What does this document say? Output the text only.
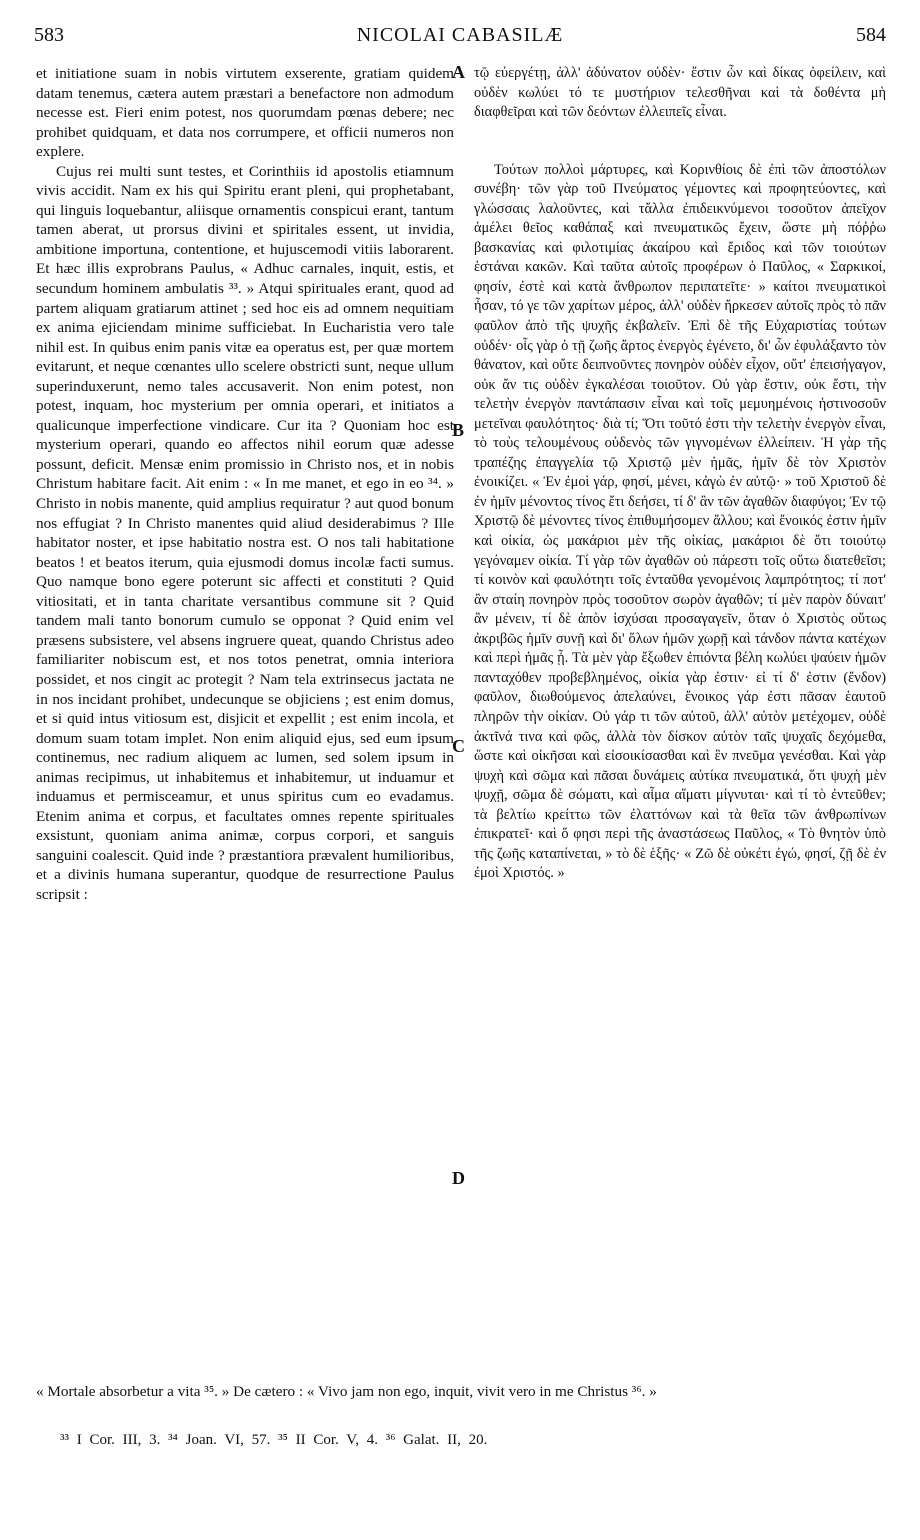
583	NICOLAI CABASILÆ	584

et initiatione suam in nobis virtutem exserente, gratiam quidem datam tenemus, cætera autem præstari a benefactore non admodum necesse est. Fieri enim potest, nos quorumdam pœnas debere; nec prohibet quidquam, et data nos corrumpere, et officii numeros non explere.

Cujus rei multi sunt testes, et Corinthiis id apostolis etiamnum vivis accidit. Nam ex his qui Spiritu erant pleni, qui prophetabant, qui linguis loquebantur, aliisque ornamentis conspicui erant, tantum tamen aberat, ut prorsus divini et spiritales essent, ut invidia, ambitione importuna, contentione, et hujuscemodi vitiis laborarent. Et hæc illis exprobrans Paulus, « Adhuc carnales, inquit, estis, et secundum hominem ambulatis ³³. » Atqui spirituales erant, quod ad partem aliquam gratiarum attinet ; sed hoc eis ad omnem nequitiam ex anima ejiciendam minime sufficiebat. In Eucharistia vero tale nihil est. In quibus enim panis vitæ ea operatus est, per quæ mortem evitarunt, et neque cœnantes ullo scelere obstricti sunt, neque ullum superinduxerunt, nemo tales accusaverit. Non enim potest, non potest, inquam, hoc mysterium per omnia operari, et initiatos a qualicunque imperfectione vindicare. Cur ita ? Quoniam hoc est mysterium operari, quando eo affectos nihil eorum quæ adesse possunt, deficit. Mensæ enim promissio in Christo nos, et in nobis Christum habitare facit. Ait enim : « In me manet, et ego in eo ³⁴. » Christo in nobis manente, quid amplius requiratur ? aut quod bonum nos effugiat ? In Christo manentes quid aliud desiderabimus ? Ille habitator noster, et ipse habitatio nostra est. O nos tali habitatione beatos ! et beatos iterum, quia ejusmodi domus incolæ facti sumus. Quo namque bono egere poterunt sic affecti et constituti ? Quid vitiositati, et in tanta charitate versantibus commune sit ? Quid tandem mali tanto bonorum cumulo se opponat ? Quid enim vel præsens subsistere, vel absens ingruere queat, quando Christus adeo familiariter nobiscum est, et nos totos penetrat, omnia interiora possidet, et nos cingit ac protegit ? Nam tela extrinsecus jactata ne in nos incidant prohibet, undecunque se objiciens ; est enim domus, et si quid intus vitiosum est, disjicit et expellit ; est enim incola, et domum suam totam implet. Non enim aliquid ejus, sed eum ipsum continemus, nec radium aliquem ac lumen, sed solem ipsum in animas recipimus, ut inhabitemus et inhabitemur, ut induamur et induamus et permisceamur, et unus spiritus cum eo evadamus. Etenim anima et corpus, et facultates omnes repente spirituales exsistunt, quoniam anima animæ, corpus corpori, et sanguis sanguini coalescit. Quid inde ? præstantiora prævalent humilioribus, et a divinis humana superantur, quodque de resurrectione Paulus scripsit :

A
B
C
D

τῷ εὐεργέτῃ, ἀλλ' ἀδύνατον οὐδὲν· ἔστιν ὧν καὶ δίκας ὀφείλειν, καὶ οὐδὲν κωλύει τό τε μυστήριον τελεσθῆναι καὶ τὰ δοθέντα μὴ διαφθεῖραι καὶ τῶν δεόντων ἐλλειπεῖς εἶναι.

Τούτων πολλοὶ μάρτυρες, καὶ Κορινθίοις δὲ ἐπὶ τῶν ἀποστόλων συνέβη· τῶν γὰρ τοῦ Πνεύματος γέμοντες καὶ προφητεύοντες, καὶ γλώσσαις λαλοῦντες, καὶ τἄλλα ἐπιδεικνύμενοι τοσοῦτον ἀπεῖχον ἁμέλει θεῖος καθάπαξ καὶ πνευματικῶς ἔχειν, ὥστε μὴ πόῤῥω βασκανίας καὶ φιλοτιμίας ἀκαίρου καὶ ἔριδος καὶ τῶν τοιούτων ἑστάναι κακῶν. Καὶ ταῦτα αὐτοῖς προφέρων ὁ Παῦλος, « Σαρκικοί, φησίν, ἐστὲ καὶ κατὰ ἄνθρωπον περιπατεῖτε· » καίτοι πνευματικοὶ ἦσαν, τό γε τῶν χαρίτων μέρος, ἀλλ' οὐδὲν ἤρκεσεν αὐτοῖς πρὸς τὸ πᾶν φαῦλον ἀπὸ τῆς ψυχῆς ἐκβαλεῖν. Ἐπὶ δὲ τῆς Εὐχαριστίας τούτων οὐδέν· οἷς γὰρ ὁ τῇ ζωῆς ἄρτος ἐνεργὸς ἐγένετο, δι' ὧν ἐφυλάξαντο τὸν θάνατον, καὶ οὔτε δειπνοῦντες πονηρὸν οὐδὲν εἶχον, οὔτ' ἐπεισήγαγον, οὐκ ἄν τις οὐδὲν ἐγκαλέσαι τοιοῦτον. Οὐ γὰρ ἔστιν, οὐκ ἔστι, τὴν τελετὴν ἐνεργὸν παντάπασιν εἶναι καὶ τοῖς μεμυημένοις ἡστινοσοῦν μετεῖναι φαυλότητος· διὰ τί; Ὅτι τοῦτό ἐστι τὴν τελετὴν ἐνεργὸν εἶναι, τὸ τοὺς τελουμένους οὐδενὸς τῶν γιγνομένων ἐλλείπειν. Ἡ γὰρ τῆς τραπέζης ἐπαγγελία τῷ Χριστῷ μὲν ἡμᾶς, ἡμῖν δὲ τὸν Χριστὸν ἐνοικίζει. « Ἐν ἐμοὶ γάρ, φησί, μένει, κἀγὼ ἐν αὐτῷ· » τοῦ Χριστοῦ δὲ ἐν ἡμῖν μένοντος τίνος ἔτι δεήσει, τί δ' ἂν τῶν ἀγαθῶν διαφύγοι; Ἐν τῷ Χριστῷ δὲ μένοντες τίνος ἐπιθυμήσομεν ἄλλου; καὶ ἔνοικός ἐστιν ἡμῖν καὶ οἰκία, ὡς μακάριοι μὲν τῆς οἰκίας, μακάριοι δὲ ὅτι τοιούτῳ γεγόναμεν οἰκία. Τί γὰρ τῶν ἀγαθῶν οὐ πάρεστι τοῖς οὕτω διατεθεῖσι; τί κοινὸν καὶ φαυλότητι τοῖς ἐνταῦθα γενομένοις λαμπρότητος; τί ποτ' ἂν σταίη πονηρὸν πρὸς τοσοῦτον σωρὸν ἀγαθῶν; τί μὲν παρὸν δύναιτ' ἂν μένειν, τί δὲ ἀπὸν ἰσχύσαι προσαγαγεῖν, ὅταν ὁ Χριστὸς οὕτως ἀκριβῶς ἡμῖν συνῇ καὶ δι' ὅλων ἡμῶν χωρῇ καὶ τάνδον πάντα κατέχων καὶ περὶ ἡμᾶς ᾖ. Τὰ μὲν γὰρ ἔξωθεν ἐπιόντα βέλη κωλύει ψαύειν ἡμῶν πανταχόθεν προβεβλημένος, οἰκία γὰρ ἐστιν· εἰ τί δ' ἐστιν (ἔνδον) φαῦλον, διωθούμενος ἀπελαύνει, ἔνοικος γάρ ἐστι πᾶσαν ἑαυτοῦ πληρῶν τὴν οἰκίαν. Οὐ γάρ τι τῶν αὐτοῦ, ἀλλ' αὐτὸν μετέχομεν, οὐδὲ ἀκτῖνά τινα καὶ φῶς, ἀλλὰ τὸν δίσκον αὐτὸν ταῖς ψυχαῖς δεχόμεθα, ὥστε καὶ οἰκῆσαι καὶ εἰσοικίσασθαι καὶ ἓν πνεῦμα γενέσθαι. Καὶ γὰρ ψυχὴ καὶ σῶμα καὶ πᾶσαι δυνάμεις αὐτίκα πνευματικά, ὅτι ψυχὴ μὲν ψυχῇ, σῶμα δὲ σώματι, καὶ αἷμα αἵματι μίγνυται· καὶ τί τὸ ἐντεῦθεν; τὰ βελτίω κρείττω τῶν ἐλαττόνων καὶ τὰ θεῖα τῶν ἀνθρωπίνων ἐπικρατεῖ· καὶ ὅ φησι περὶ τῆς ἀναστάσεως Παῦλος, « Τὸ θνητὸν ὑπὸ τῆς ζωῆς καταπίνεται, » τὸ δὲ ἑξῆς· « Ζῶ δὲ οὐκέτι ἐγώ, φησί, ζῇ δὲ ἐν ἐμοὶ Χριστός. »

« Mortale absorbetur a vita ³⁵. » De cætero : « Vivo jam non ego, inquit, vivit vero in me Christus ³⁶. »
³³ I Cor. III, 3. ³⁴ Joan. VI, 57. ³⁵ II Cor. V, 4. ³⁶ Galat. II, 20.
